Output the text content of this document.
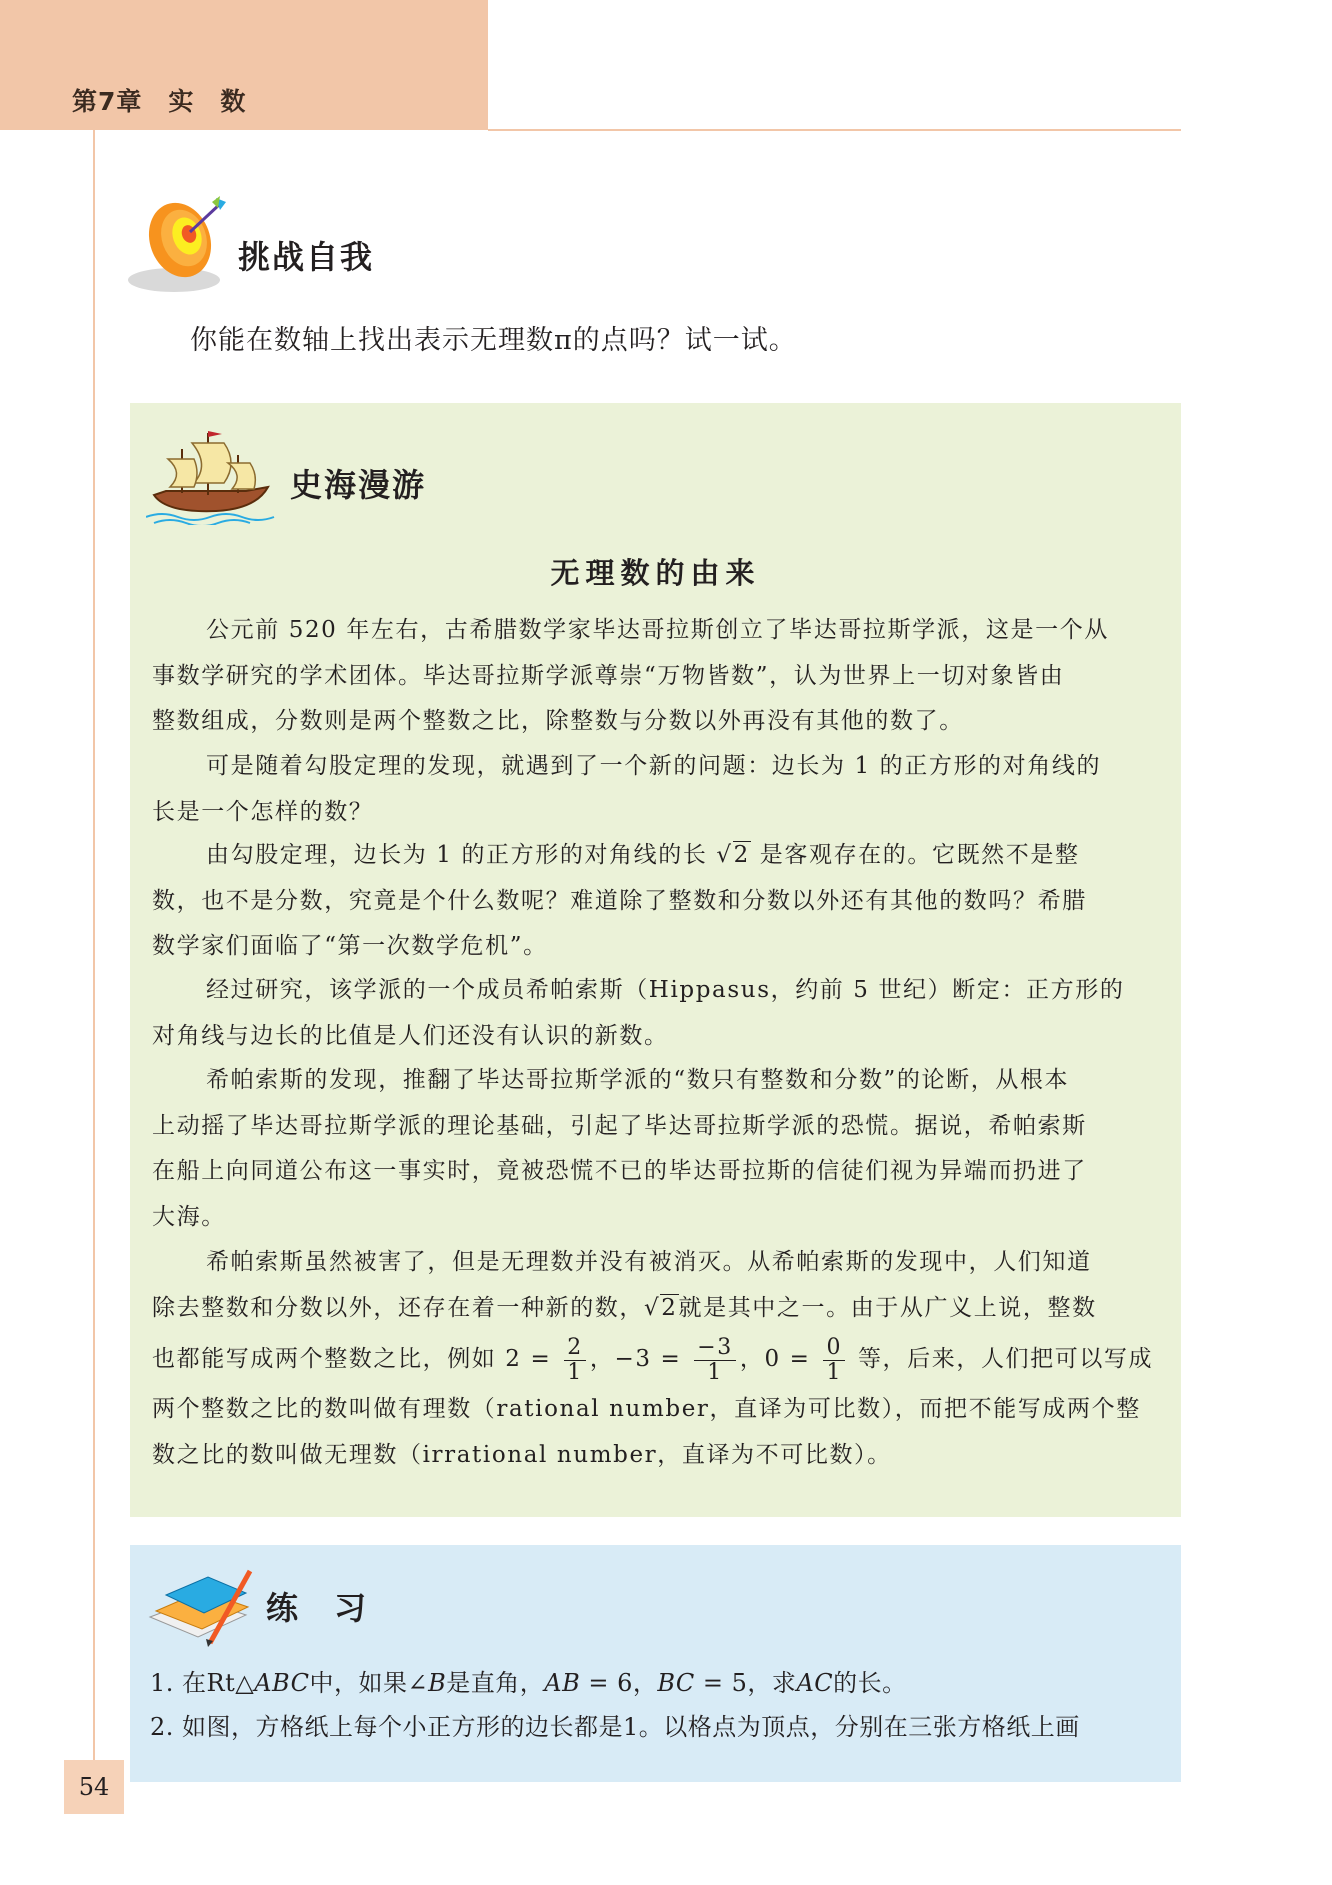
第7章　实　数
挑战自我
你能在数轴上找出表示无理数π的点吗？试一试。
史海漫游
无理数的由来
公元前 520 年左右，古希腊数学家毕达哥拉斯创立了毕达哥拉斯学派，这是一个从
事数学研究的学术团体。毕达哥拉斯学派尊崇“万物皆数”，认为世界上一切对象皆由
整数组成，分数则是两个整数之比，除整数与分数以外再没有其他的数了。
可是随着勾股定理的发现，就遇到了一个新的问题：边长为 1 的正方形的对角线的
长是一个怎样的数？
由勾股定理，边长为 1 的正方形的对角线的长 √2 是客观存在的。它既然不是整
数，也不是分数，究竟是个什么数呢？难道除了整数和分数以外还有其他的数吗？希腊
数学家们面临了“第一次数学危机”。
经过研究，该学派的一个成员希帕索斯（Hippasus，约前 5 世纪）断定：正方形的
对角线与边长的比值是人们还没有认识的新数。
希帕索斯的发现，推翻了毕达哥拉斯学派的“数只有整数和分数”的论断，从根本
上动摇了毕达哥拉斯学派的理论基础，引起了毕达哥拉斯学派的恐慌。据说，希帕索斯
在船上向同道公布这一事实时，竟被恐慌不已的毕达哥拉斯的信徒们视为异端而扔进了
大海。
希帕索斯虽然被害了，但是无理数并没有被消灭。从希帕索斯的发现中，人们知道
除去整数和分数以外，还存在着一种新的数，√2就是其中之一。由于从广义上说，整数
也都能写成两个整数之比，例如 $2 = \frac{2}{1}$ ，$-3 = \frac{-3}{1}$ ，$0 = \frac{0}{1}$ 等，后来，人们把可以写成
两个整数之比的数叫做有理数（rational number，直译为可比数），而把不能写成两个整
数之比的数叫做无理数（irrational number，直译为不可比数）。
练　习
1. 在Rt△ABC中，如果∠B是直角，AB = 6，BC = 5，求AC的长。
2. 如图，方格纸上每个小正方形的边长都是1。以格点为顶点，分别在三张方格纸上画
54
